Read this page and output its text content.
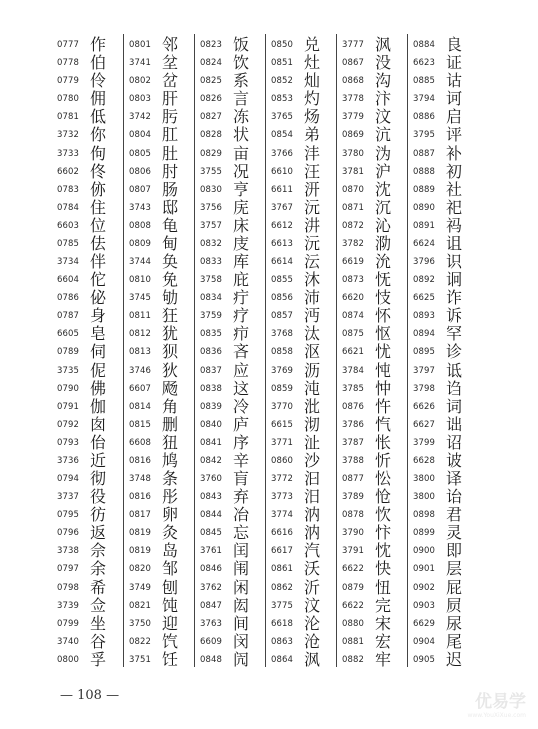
0777 作
0778 伯
0779 伶
0780 佣
0781 低
3732 你
3733 佝
6602 佟
0783 㑊
0784 住
6603 位
0785 佉
3734 伴
6604 佗
0786 佖
0787 身
6605 皂
0789 伺
3735 伲
0790 佛
0791 伽
0792 囱
0793 佁
3736 近
0794 彻
3737 役
0795 彷
0796 返
3738 佘
0797 余
0798 希
3739 佥
0799 坐
3740 谷
0800 孚
0801 邻
3741 坌
0802 岔
0803 肝
3742 肟
0804 肛
0805 肚
0806 肘
0807 肠
3743 邸
0808 龟
0809 甸
3744 奂
0810 免
3745 劬
0811 狂
0812 犹
0813 狈
3746 狄
6607 飏
0814 角
0815 删
6608 狃
0816 鸠
3748 条
0816 彤
0817 卵
0819 灸
0819 岛
0820 邹
3749 刨
0821 饨
3750 迎
0822 饩
3751 饪
0823 饭
0824 饮
0825 系
0826 言
0827 冻
0828 状
0829 亩
3755 况
0830 亨
3756 庑
3757 床
0832 庋
0833 库
3758 庇
0834 疔
3759 疗
0835 疖
0836 吝
0837 应
0838 这
0839 冷
0840 庐
0841 序
0842 辛
3760 肓
0843 弃
0844 冶
0845 忘
3761 闰
0846 闱
3762 闲
0847 闳
3763 间
6609 闵
0848 闶
0850 兑
0851 灶
0852 灿
0853 灼
3765 炀
0854 弟
3766 沣
6610 汪
6611 汧
3767 沅
6612 汫
6613 沅
6614 沄
0855 沐
0856 沛
0857 沔
3768 汰
0858 沤
3769 沥
0859 沌
3770 沘
6615 沏
3771 沚
0860 沙
3772 汩
3773 汨
3774 汭
6616 汭
6617 汽
0861 沃
0862 沂
3775 汶
6618 沦
0863 沧
0864 沨
3777 沨
0867 没
0868 沟
3778 汴
3779 汶
0869 沆
3780 沩
3781 沪
0870 沈
0871 沉
0872 沁
3782 泐
6619 沇
0873 怃
6620 忮
0874 怀
0875 怄
6621 忧
3784 忳
3785 忡
0876 忤
3786 忾
3787 怅
3788 忻
0877 忪
3789 怆
0878 忺
3790 忭
3791 忱
6622 快
0879 忸
6622 完
0880 宋
0881 宏
0882 牢
0884 良
6623 证
0885 诂
3794 诃
0886 启
3795 评
0887 补
0888 初
0889 社
0890 祀
0891 祃
6624 诅
3796 识
0892 诇
6625 诈
0893 诉
0894 罕
0895 诊
3797 诋
3798 诌
6626 词
6627 诎
3799 诏
6628 诐
3800 译
3800 诒
0898 君
0899 灵
0900 即
0901 层
0902 屁
0903 屃
6629 尿
0904 尾
0905 迟
— 108 —	优易学
www.YouXiXue.com
